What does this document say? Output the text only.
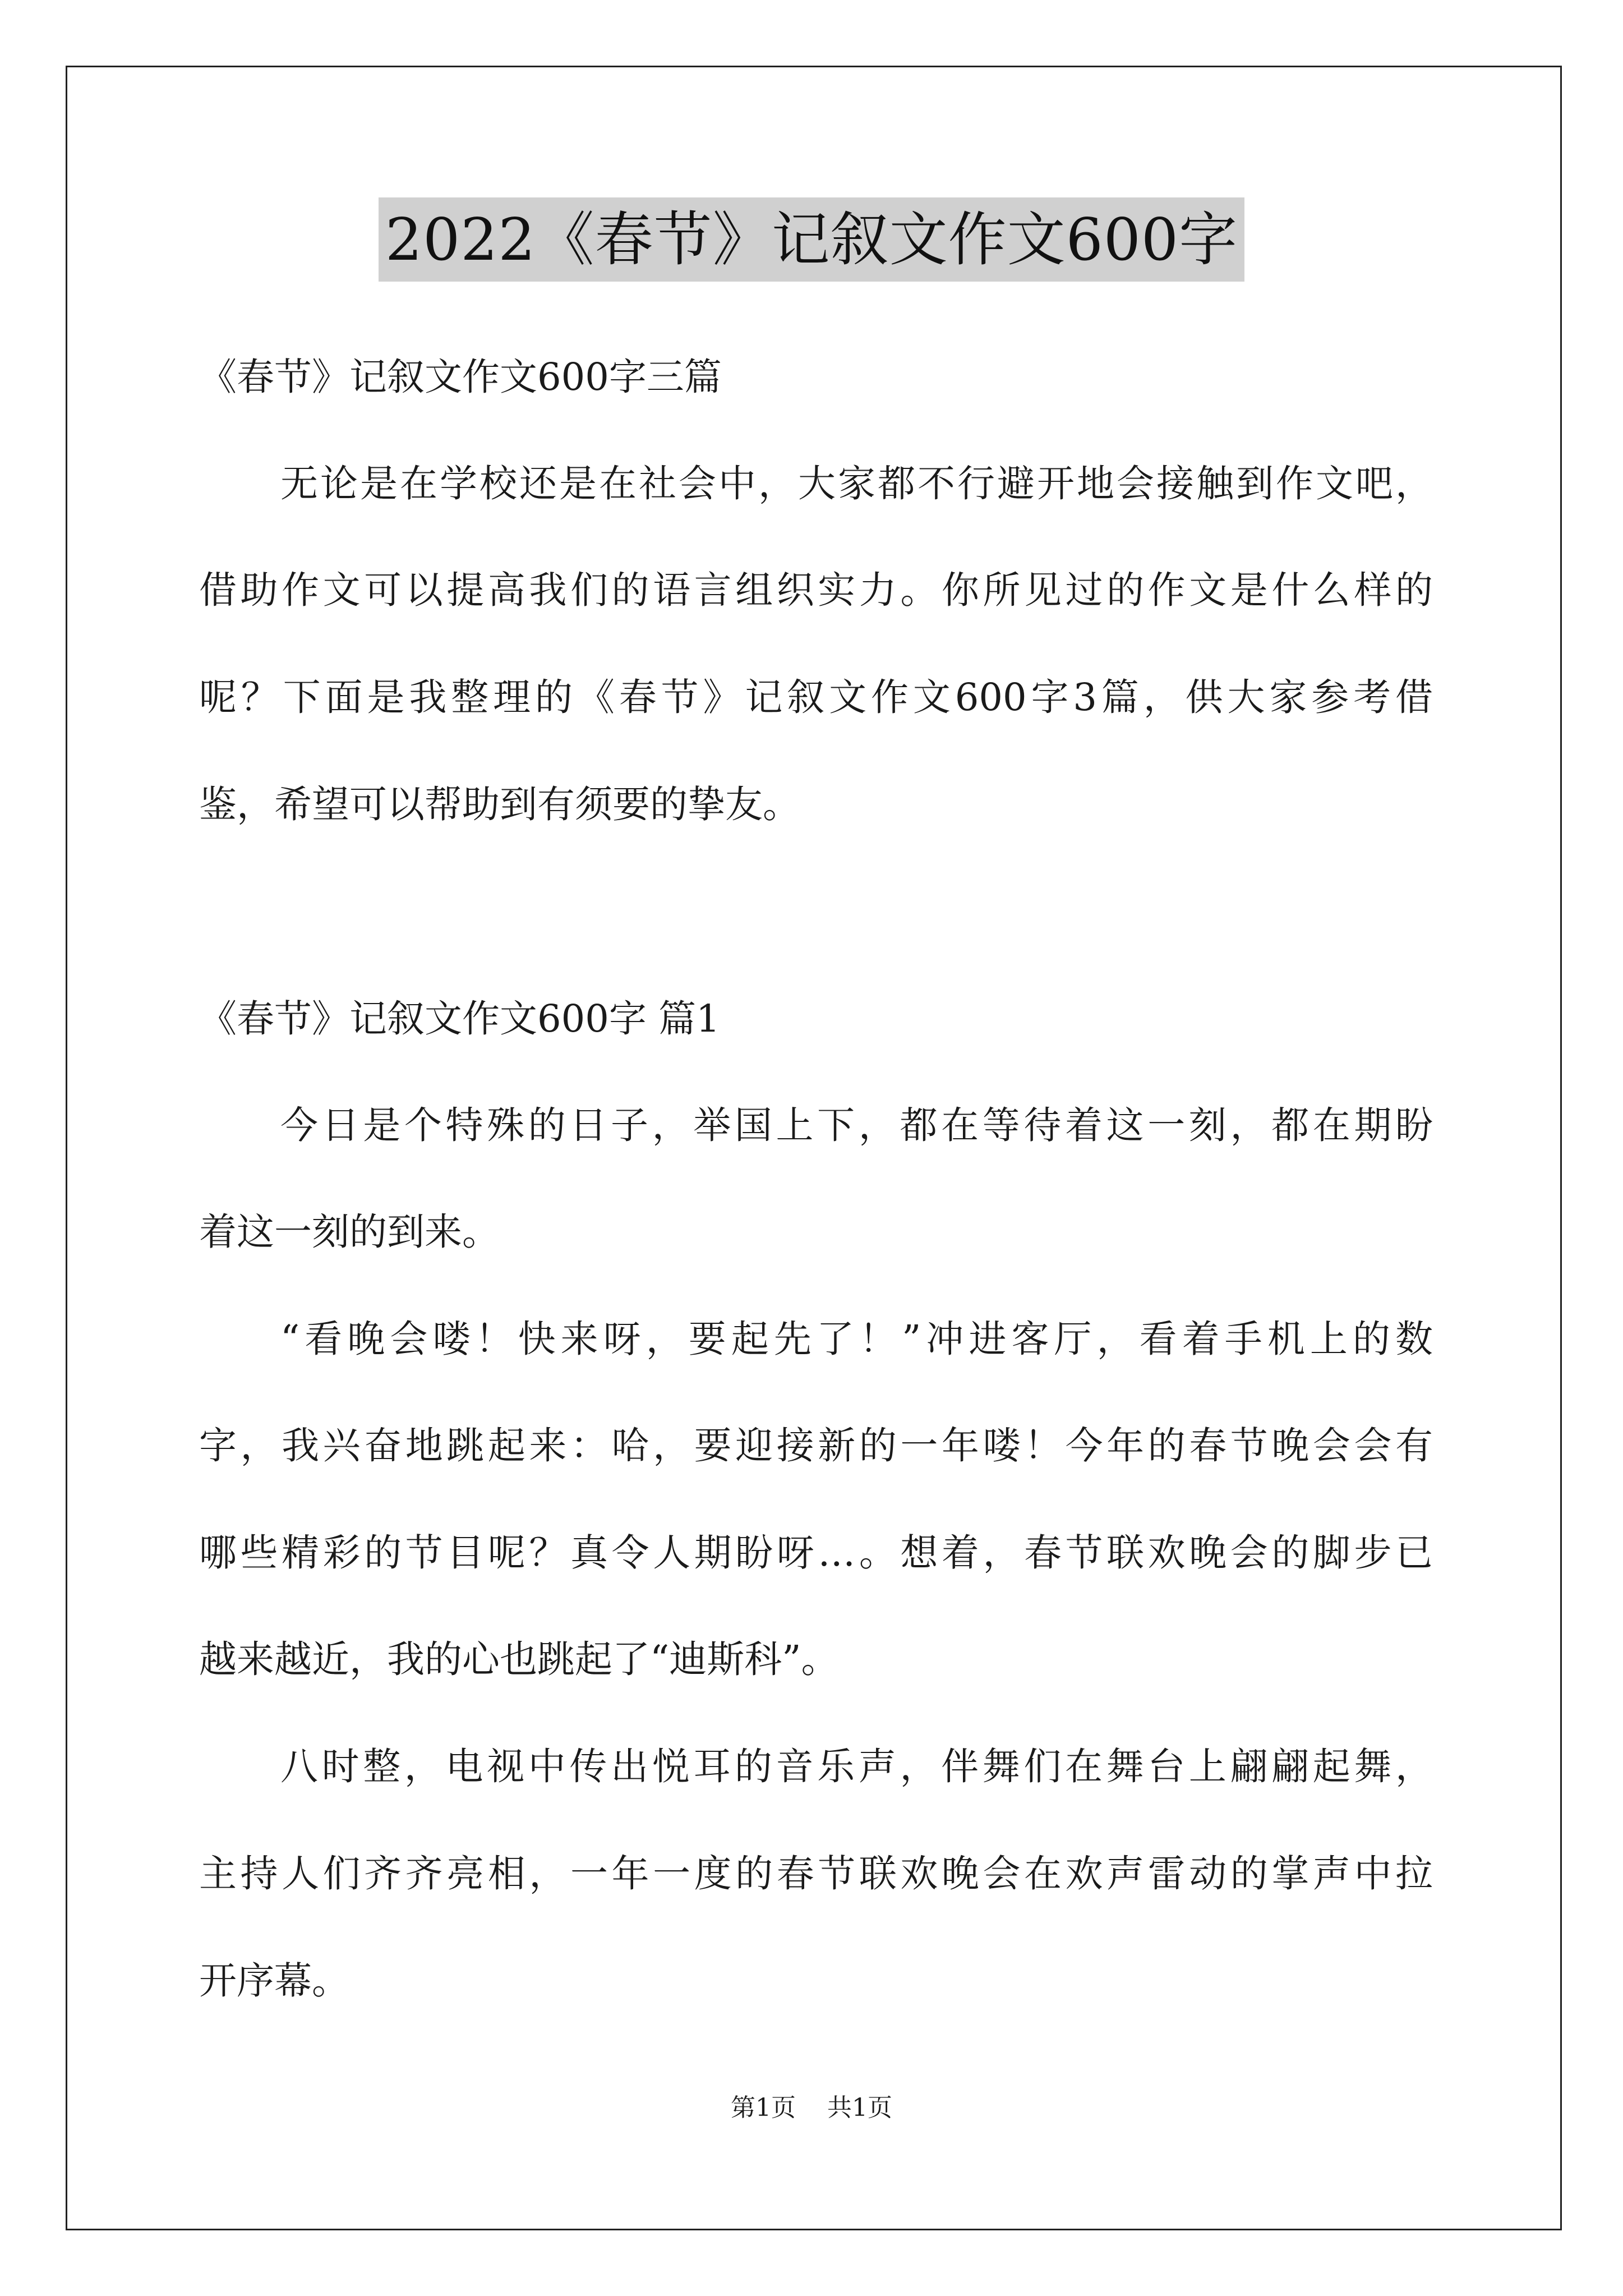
2022《春节》记叙文作文600字
《春节》记叙文作文600字三篇
无论是在学校还是在社会中，大家都不行避开地会接触到作文吧，
借助作文可以提高我们的语言组织实力。你所见过的作文是什么样的
呢？下面是我整理的《春节》记叙文作文600字3篇，供大家参考借
鉴，希望可以帮助到有须要的挚友。
《春节》记叙文作文600字 篇1
今日是个特殊的日子，举国上下，都在等待着这一刻，都在期盼
着这一刻的到来。
“看晚会喽！快来呀，要起先了！”冲进客厅，看着手机上的数
字，我兴奋地跳起来：哈，要迎接新的一年喽！今年的春节晚会会有
哪些精彩的节目呢？真令人期盼呀…。想着，春节联欢晚会的脚步已
越来越近，我的心也跳起了“迪斯科”。
八时整，电视中传出悦耳的音乐声，伴舞们在舞台上翩翩起舞，
主持人们齐齐亮相，一年一度的春节联欢晚会在欢声雷动的掌声中拉
开序幕。
第1页 共1页
